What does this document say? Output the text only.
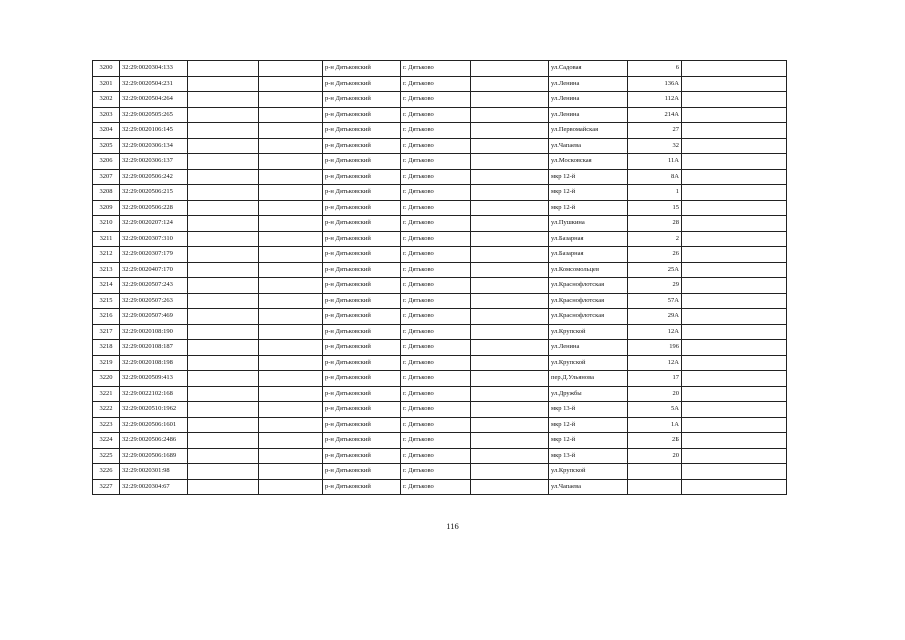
3200	32:29:0020304:133			р-н Дятьковский	г. Дятьково		ул.Садовая	6	
3201	32:29:0020504:231			р-н Дятьковский	г. Дятьково		ул.Ленина	136А	
3202	32:29:0020504:264			р-н Дятьковский	г. Дятьково		ул.Ленина	112А	
3203	32:29:0020505:265			р-н Дятьковский	г. Дятьково		ул.Ленина	214А	
3204	32:29:0020106:145			р-н Дятьковский	г. Дятьково		ул.Первомайская	27	
3205	32:29:0020306:134			р-н Дятьковский	г. Дятьково		ул.Чапаева	32	
3206	32:29:0020306:137			р-н Дятьковский	г. Дятьково		ул.Московская	11А	
3207	32:29:0020506:242			р-н Дятьковский	г. Дятьково		мкр 12-й	8А	
3208	32:29:0020506:215			р-н Дятьковский	г. Дятьково		мкр 12-й	1	
3209	32:29:0020506:228			р-н Дятьковский	г. Дятьково		мкр 12-й	15	
3210	32:29:0020207:124			р-н Дятьковский	г. Дятьково		ул.Пушкина	28	
3211	32:29:0020307:310			р-н Дятьковский	г. Дятьково		ул.Базарная	2	
3212	32:29:0020307:179			р-н Дятьковский	г. Дятьково		ул.Базарная	26	
3213	32:29:0020407:170			р-н Дятьковский	г. Дятьково		ул.Комсомольцев	25А	
3214	32:29:0020507:243			р-н Дятьковский	г. Дятьково		ул.Краснофлотская	29	
3215	32:29:0020507:263			р-н Дятьковский	г. Дятьково		ул.Краснофлотская	57А	
3216	32:29:0020507:469			р-н Дятьковский	г. Дятьково		ул.Краснофлотская	29А	
3217	32:29:0020108:190			р-н Дятьковский	г. Дятьково		ул.Крупской	12А	
3218	32:29:0020108:187			р-н Дятьковский	г. Дятьково		ул.Ленина	196	
3219	32:29:0020108:198			р-н Дятьковский	г. Дятьково		ул.Крупской	12А	
3220	32:29:0020509:413			р-н Дятьковский	г. Дятьково		пер.Д.Ульянова	17	
3221	32:29:0022102:168			р-н Дятьковский	г. Дятьково		ул.Дружбы	20	
3222	32:29:0020510:1962			р-н Дятьковский	г. Дятьково		мкр 13-й	5А	
3223	32:29:0020506:1601			р-н Дятьковский	г. Дятьково		мкр 12-й	1А	
3224	32:29:0020506:2486			р-н Дятьковский	г. Дятьково		мкр 12-й	2Б	
3225	32:29:0020506:1689			р-н Дятьковский	г. Дятьково		мкр 13-й	20	
3226	32:29:0020301:98			р-н Дятьковский	г. Дятьково		ул.Крупской		
3227	32:29:0020304:67			р-н Дятьковский	г. Дятьково		ул.Чапаева		
116
